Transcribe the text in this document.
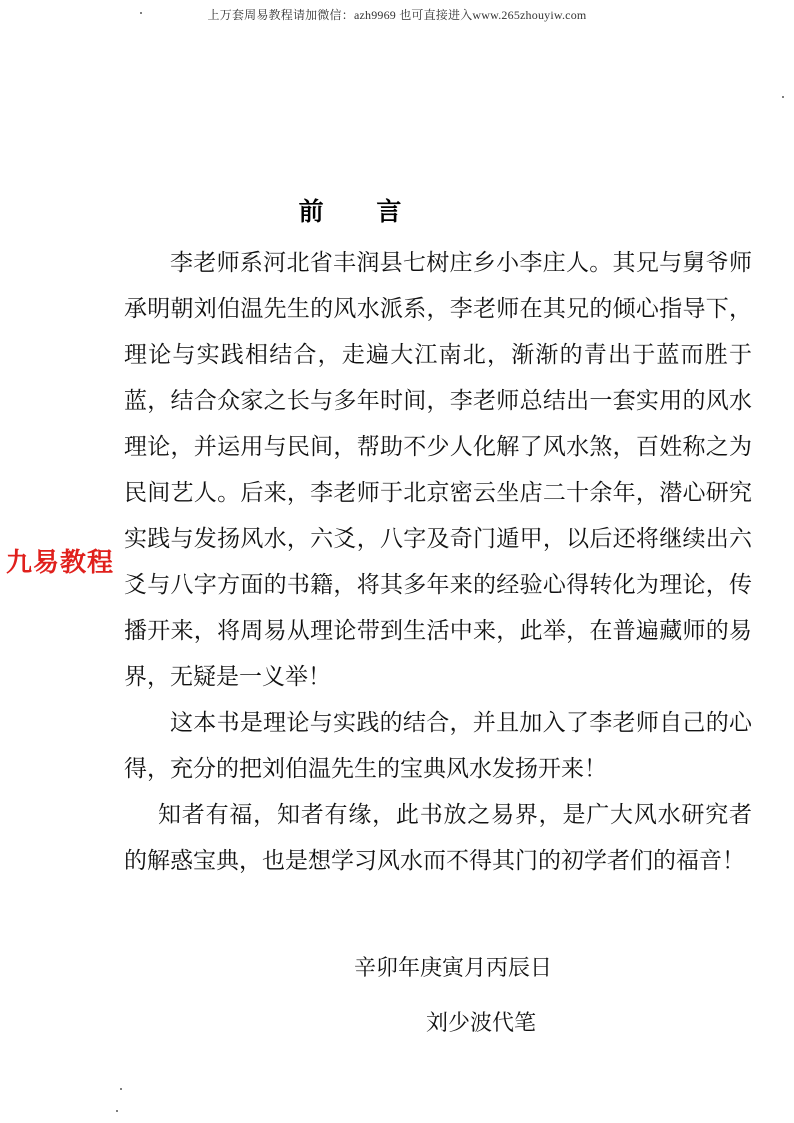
上万套周易教程请加微信：azh9969 也可直接进入www.265zhouyiw.com
前 言

李老师系河北省丰润县七树庄乡小李庄人。其兄与舅爷师承明朝刘伯温先生的风水派系，李老师在其兄的倾心指导下，理论与实践相结合，走遍大江南北，渐渐的青出于蓝而胜于蓝，结合众家之长与多年时间，李老师总结出一套实用的风水理论，并运用与民间，帮助不少人化解了风水煞，百姓称之为民间艺人。后来，李老师于北京密云坐店二十余年，潜心研究实践与发扬风水，六爻，八字及奇门遁甲，以后还将继续出六爻与八字方面的书籍，将其多年来的经验心得转化为理论，传播开来，将周易从理论带到生活中来，此举，在普遍藏师的易界，无疑是一义举！

这本书是理论与实践的结合，并且加入了李老师自己的心得，充分的把刘伯温先生的宝典风水发扬开来！

知者有福，知者有缘，此书放之易界，是广大风水研究者的解惑宝典，也是想学习风水而不得其门的初学者们的福音！

辛卯年庚寅月丙辰日
刘少波代笔
九易教程
